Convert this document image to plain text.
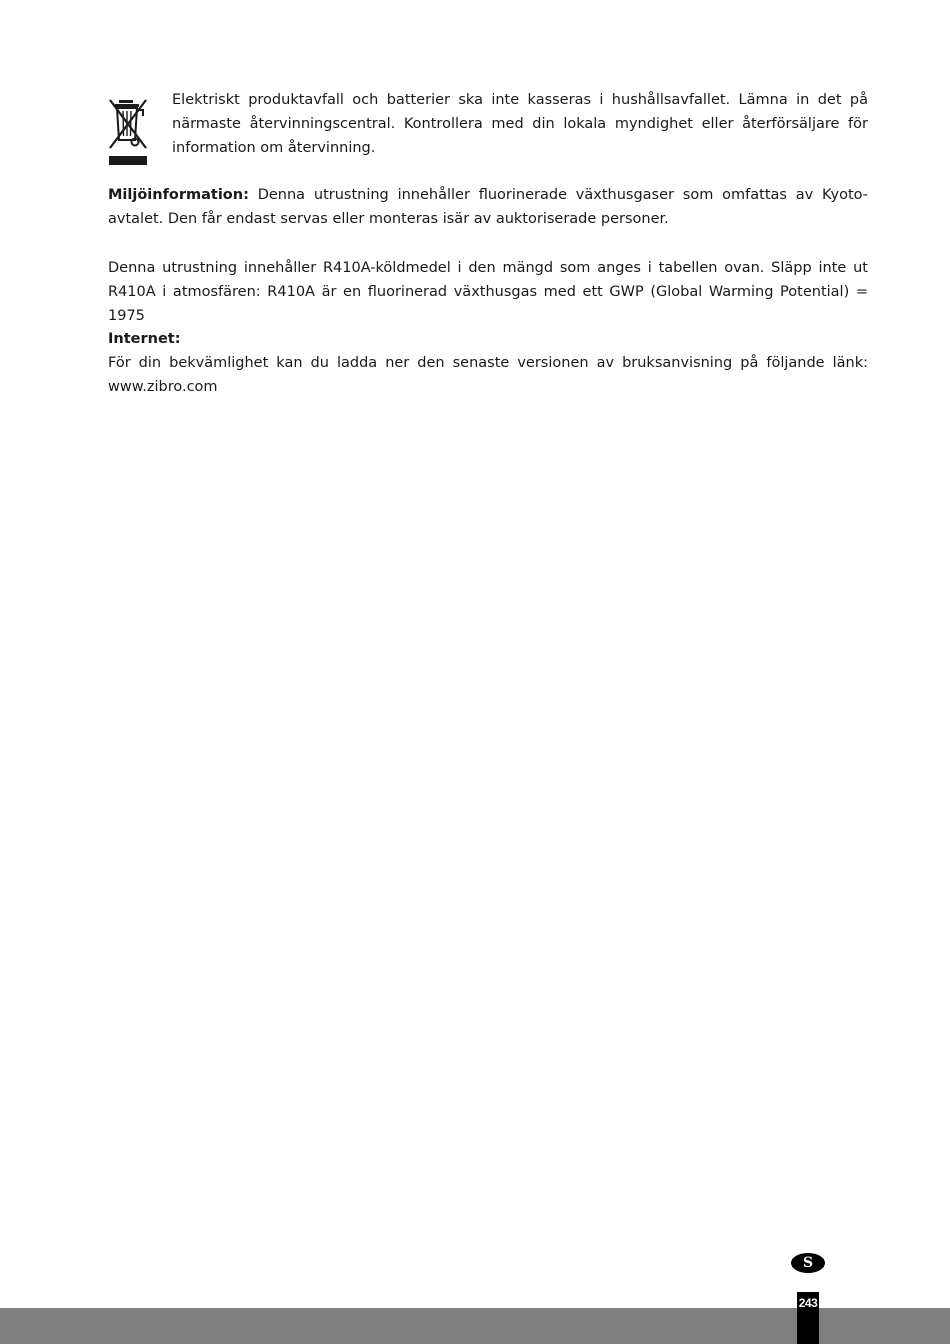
Elektriskt produktavfall och batterier ska inte kasseras i hushållsavfallet. Lämna in det på närmaste återvinningscentral. Kontrollera med din lokala myndighet eller återförsäljare för information om återvinning.

Miljöinformation: Denna utrustning innehåller fluorinerade växthusgaser som omfattas av Kyoto-avtalet. Den får endast servas eller monteras isär av auktoriserade personer.

Denna utrustning innehåller R410A-köldmedel i den mängd som anges i tabellen ovan. Släpp inte ut R410A i atmosfären: R410A är en fluorinerad växthusgas med ett GWP (Global Warming Potential) = 1975

Internet:

För din bekvämlighet kan du ladda ner den senaste versionen av bruksanvisning på följande länk: www.zibro.com

S
243
